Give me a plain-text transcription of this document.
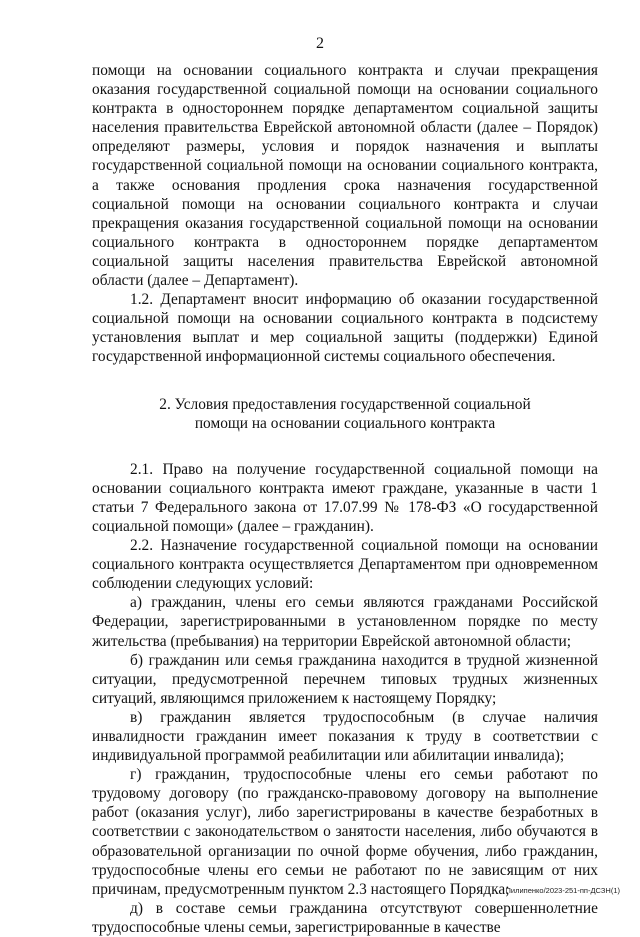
2

помощи на основании социального контракта и случаи прекращения оказания государственной социальной помощи на основании социального контракта в одностороннем порядке департаментом социальной защиты населения правительства Еврейской автономной области (далее – Порядок) определяют размеры, условия и порядок назначения и выплаты государственной социальной помощи на основании социального контракта, а также основания продления срока назначения государственной социальной помощи на основании социального контракта и случаи прекращения оказания государственной социальной помощи на основании социального контракта в одностороннем порядке департаментом социальной защиты населения правительства Еврейской автономной области (далее – Департамент).

1.2. Департамент вносит информацию об оказании государственной социальной помощи на основании социального контракта в подсистему установления выплат и мер социальной защиты (поддержки) Единой государственной информационной системы социального обеспечения.

2. Условия предоставления государственной социальной
помощи на основании социального контракта

2.1. Право на получение государственной социальной помощи на основании социального контракта имеют граждане, указанные в части 1 статьи 7 Федерального закона от 17.07.99 № 178-ФЗ «О государственной социальной помощи» (далее – гражданин).

2.2. Назначение государственной социальной помощи на основании социального контракта осуществляется Департаментом при одновременном соблюдении следующих условий:

а) гражданин, члены его семьи являются гражданами Российской Федерации, зарегистрированными в установленном порядке по месту жительства (пребывания) на территории Еврейской автономной области;

б) гражданин или семья гражданина находится в трудной жизненной ситуации, предусмотренной перечнем типовых трудных жизненных ситуаций, являющимся приложением к настоящему Порядку;

в) гражданин является трудоспособным (в случае наличия инвалидности гражданин имеет показания к труду в соответствии с индивидуальной программой реабилитации или абилитации инвалида);

г) гражданин, трудоспособные члены его семьи работают по трудовому договору (по гражданско-правовому договору на выполнение работ (оказания услуг), либо зарегистрированы в качестве безработных в соответствии с законодательством о занятости населения, либо обучаются в образовательной организации по очной форме обучения, либо гражданин, трудоспособные члены его семьи не работают по не зависящим от них причинам, предусмотренным пунктом 2.3 настоящего Порядка;

д) в составе семьи гражданина отсутствуют совершеннолетние трудоспособные члены семьи, зарегистрированные в качестве

Пилипенко/2023-251-пп-ДСЗН(1)
